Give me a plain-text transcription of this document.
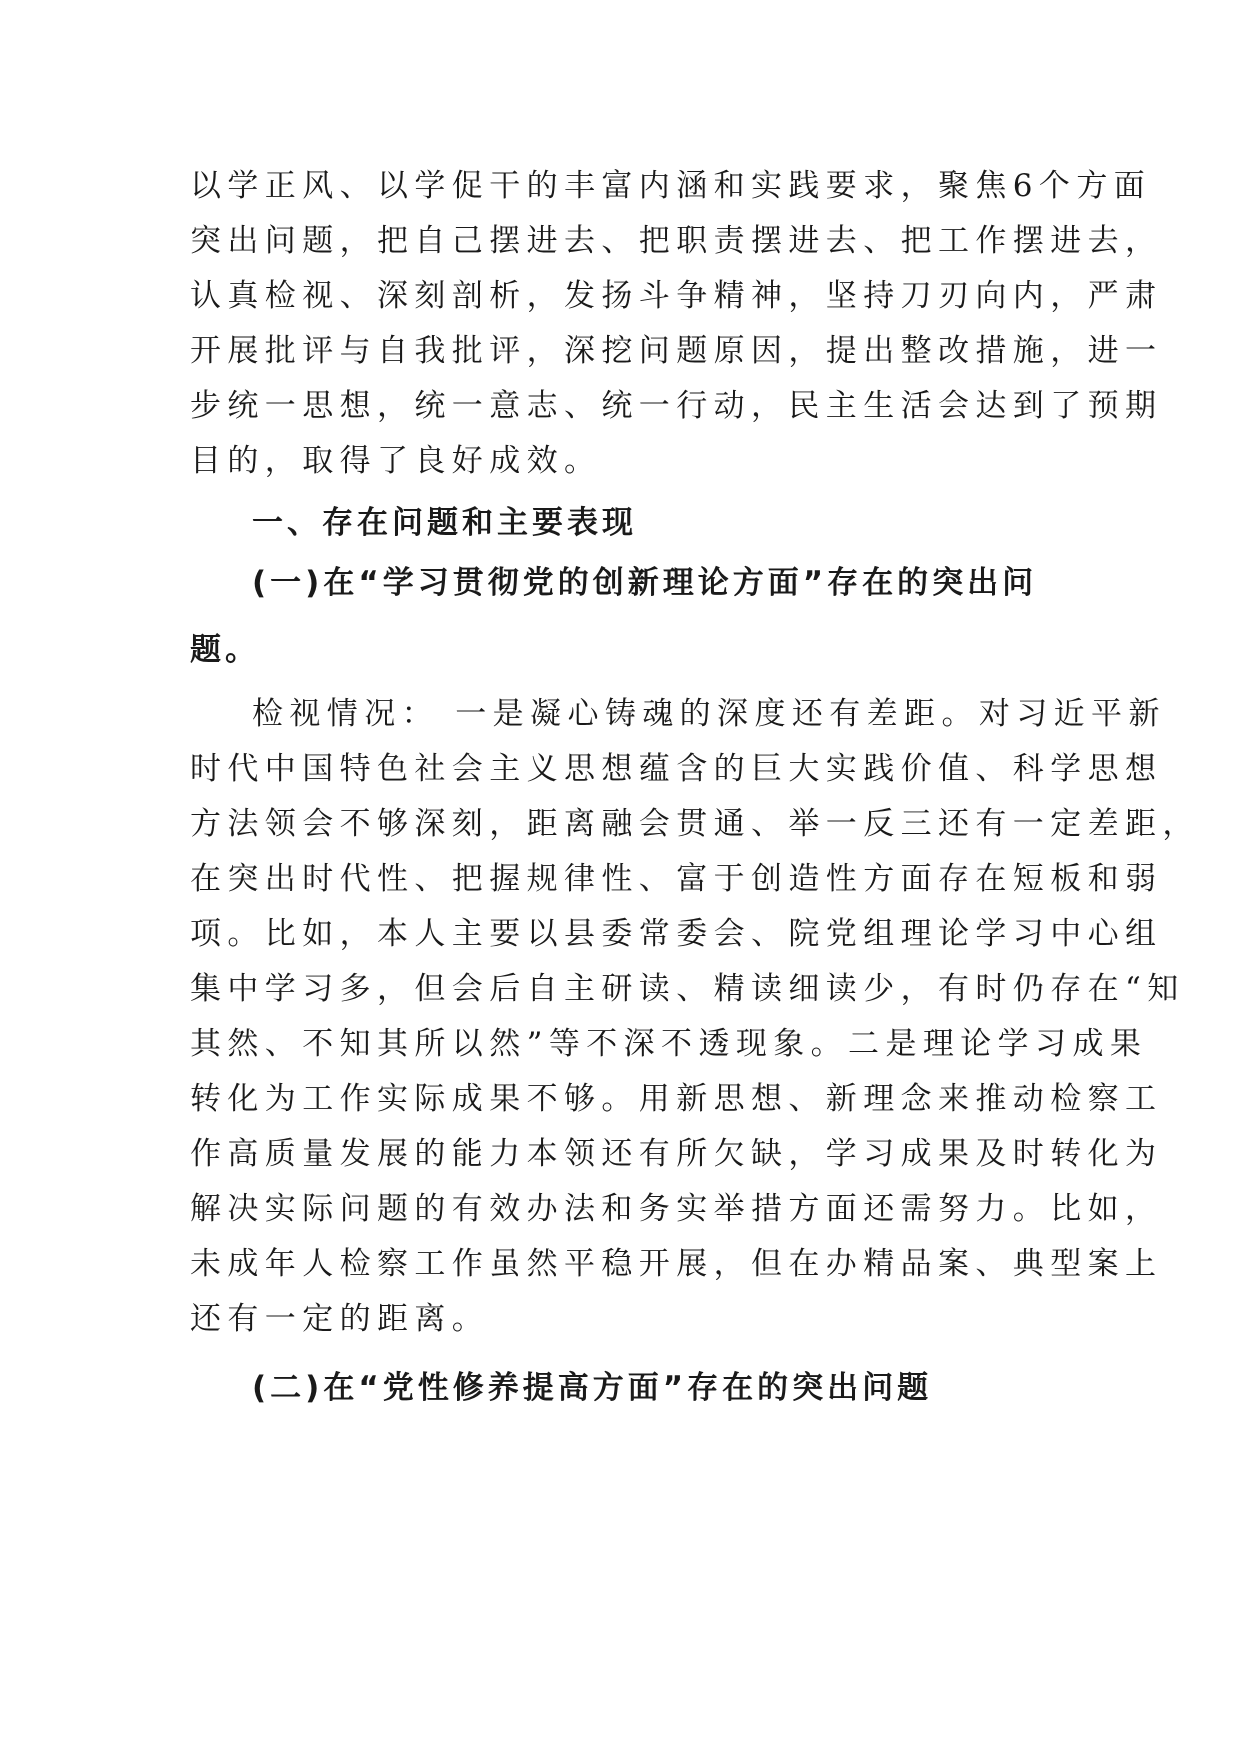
以学正风、以学促干的丰富内涵和实践要求，聚焦6个方面
突出问题，把自己摆进去、把职责摆进去、把工作摆进去，
认真检视、深刻剖析，发扬斗争精神，坚持刀刃向内，严肃
开展批评与自我批评，深挖问题原因，提出整改措施，进一
步统一思想，统一意志、统一行动，民主生活会达到了预期
目的，取得了良好成效。
一、存在问题和主要表现
(一)在“学习贯彻党的创新理论方面”存在的突出问
题。
检视情况： 一是凝心铸魂的深度还有差距。对习近平新
时代中国特色社会主义思想蕴含的巨大实践价值、科学思想
方法领会不够深刻，距离融会贯通、举一反三还有一定差距，
在突出时代性、把握规律性、富于创造性方面存在短板和弱
项。比如，本人主要以县委常委会、院党组理论学习中心组
集中学习多，但会后自主研读、精读细读少，有时仍存在“知
其然、不知其所以然”等不深不透现象。二是理论学习成果
转化为工作实际成果不够。用新思想、新理念来推动检察工
作高质量发展的能力本领还有所欠缺，学习成果及时转化为
解决实际问题的有效办法和务实举措方面还需努力。比如，
未成年人检察工作虽然平稳开展，但在办精品案、典型案上
还有一定的距离。
(二)在“党性修养提高方面”存在的突出问题
